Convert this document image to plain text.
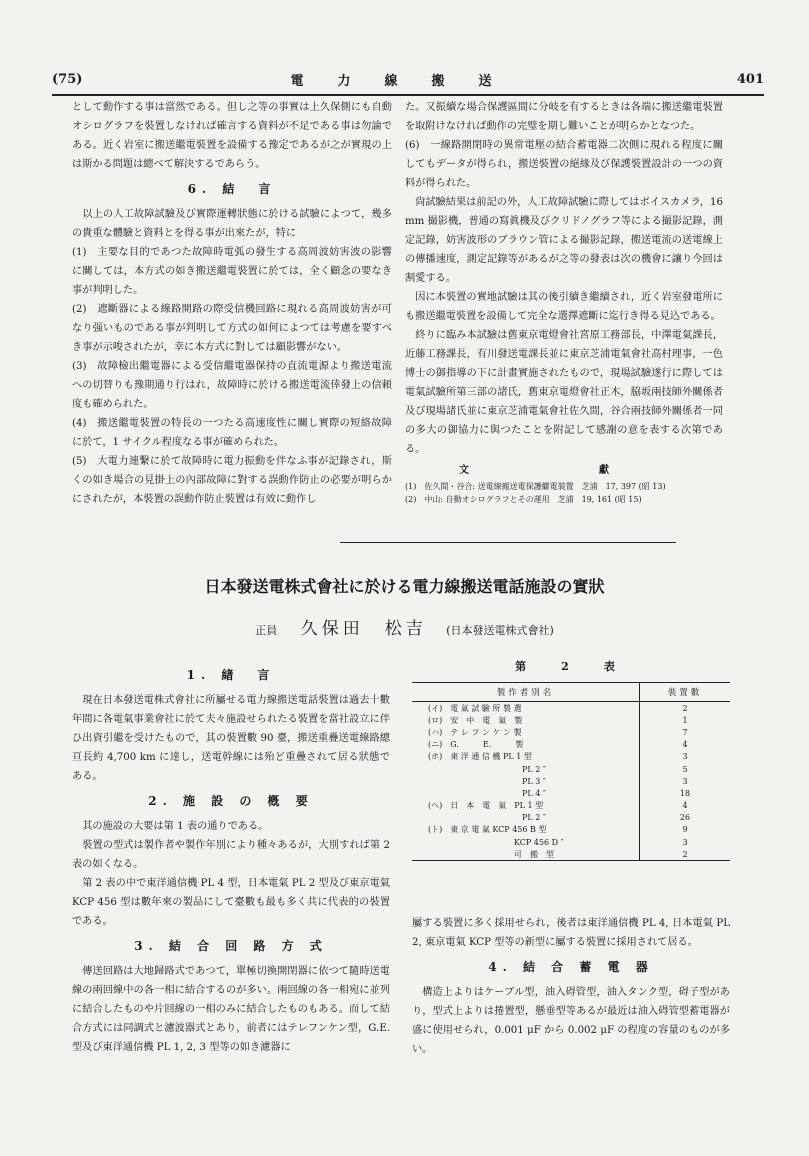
(75)	電力線搬送	401

として動作する事は當然である。但し之等の事實は上久保側にも自動オシログラフを裝置しなければ確言する資料が不足である事は勿論である。近く岩室に搬送繼電裝置を設備する豫定であるが之が實現の上は斯かる問題は總べて解決するであらう。

6. 結　言

以上の人工故障試驗及び實際運轉狀態に於ける試驗によつて，幾多の貴重な體驗と資料とを得る事が出來たが，特に

(1)　主要な目的であつた故障時電弧の發生する高周波妨害波の影響に關しては，本方式の如き搬送繼電裝置に於ては，全く顧念の要なき事が判明した。

(2)　遮斷器による線路開路の際受信機回路に現れる高周波妨害が可なり强いものである事が判明して方式の如何によつては考慮を要すべき事が示唆されたが，幸に本方式に對しては顧影響がない。

(3)　故障檢出繼電器による受信繼電器保持の直流電源より搬送電流への切替りも豫期通り行はれ，故障時に於ける搬送電流倖發上の信頼度も確められた。

(4)　搬送繼電裝置の特長の一つたる高速度性に關し實際の短絡故障に於て，1 サイクル程度なる事が確められた。

(5)　大電力連繫に於て故障時に電力振動を伴なふ事が記錄され，斯くの如き場合の見掛上の內部故障に對する誤動作防止の必要が明らかにされたが，本裝置の誤動作防止裝置は有效に動作し

た。又振續な場合保護區間に分岐を有するときは各端に搬送繼電裝置を取附けなければ動作の完璧を期し難いことが明らかとなつた。

(6)　一線路開閉時の異常電壓の結合蓄電器二次側に現れる程度に關してもデータが得られ，搬送裝置の絕緣及び保護裝置設計の一つの資料が得られた。

尙試驗結果は前記の外，人工故障試驗に際してはボイスカメラ，16 mm 撮影機，普通の寫眞機及びクリドノグラフ等による撮影記錄，測定記錄，妨害波形のブラウン管による撮影記錄，搬送電流の送電線上の傳播速度，測定記錄等があるが之等の發表は次の機會に讓り今回は割愛する。

因に本裝置の實地試驗は其の後引續き繼續され，近く岩室發電所にも搬送繼電裝置を設備して完全な選擇遮斷に迄行き得る見込である。

終りに臨み本試驗は舊東京電燈會社宮原工務部長，中澤電氣課長，近藤工務課長，有川發送電課長並に東京芝浦電氣會社高村理事，一色博士の御指導の下に計畫實施されたもので，現場試驗遂行に際しては電氣試驗所第三部の諸氏，舊東京電燈會社正木，脇坂兩技師外關係者及び現場諸氏並に東京芝浦電氣會社佐久間，谷合兩技師外關係者一同の多大の御協力に與つたことを附記して感謝の意を表する次第である。

文　獻
(1)　佐久間・谷合: 送電線搬送電保護繼電裝置　芝浦　17, 397 (昭 13)
(2)　中山: 自動オシログラフとその運用　芝浦　19, 161 (昭 15)
日本發送電株式會社に於ける電力線搬送電話施設の實狀
正員 久保田　松吉 (日本發送電株式會社)
1. 緖　言

現在日本發送電株式會社に所屬せる電力線搬送電話裝置は過去十數年間に各電氣事業會社に於て夫々施設せられたる裝置を當社設立に伴ひ出資引繼を受けたもので，其の裝置數 90 臺，搬送重疊送電線路總亘長約 4,700 km に達し，送電幹線には殆ど重疊されて居る狀態である。

2. 施 設 の 槪 要

其の施設の大要は第 1 表の通りである。

裝置の型式は製作者や製作年別により種々あるが，大別すれば第 2 表の如くなる。

第 2 表の中で東洋通信機 PL 4 型，日本電氣 PL 2 型及び東京電氣 KCP 456 型は數年來の製品にして臺數も最も多く共に代表的の裝置である。

3. 結 合 回 路 方 式

傳送回路は大地歸路式であつて，單極切換開閉器に依つて隨時送電線の兩回線中の各一相に結合するのが多い。兩回線の各一相宛に並列に結合したものや片回線の一相のみに結合したものもある。而して結合方式には同調式と濾波器式とあり，前者にはテレフンケン型，G.E. 型及び東洋通信機 PL 1, 2, 3 型等の如き濾器に

第　2　表
製作者別名	裝置數
(イ)　電 氣 試 驗 所 製 選	2
(ロ)　安　中　電　氣　製	1
(ハ)　テ レ フ ン ケ ン 製	7
(ニ)　G.　　　E.　　　製	4
(ホ)　東 洋 通 信 機 PL 1 型	3
PL 2 ″	5
PL 3 ″	3
PL 4 ″	18
(ヘ)　日　本　電　氣　PL 1 型	4
PL 2 ″	26
(ト)　東 京 電 氣 KCP 456 B 型	9
KCP 456 D ″	3
可　搬　型	2

屬する裝置に多く採用せられ，後者は東洋通信機 PL 4, 日本電氣 PL 2, 東京電氣 KCP 型等の新型に屬する裝置に採用されて居る。

4. 結 合 蓄 電 器

構造上よりはケーブル型，油入碍管型，油入タンク型，碍子型があり，型式上よりは捲置型，懸垂型等あるが最近は油入碍管型蓄電器が盛に使用せられ，0.001 μF から 0.002 μF の程度の容量のものが多い。
